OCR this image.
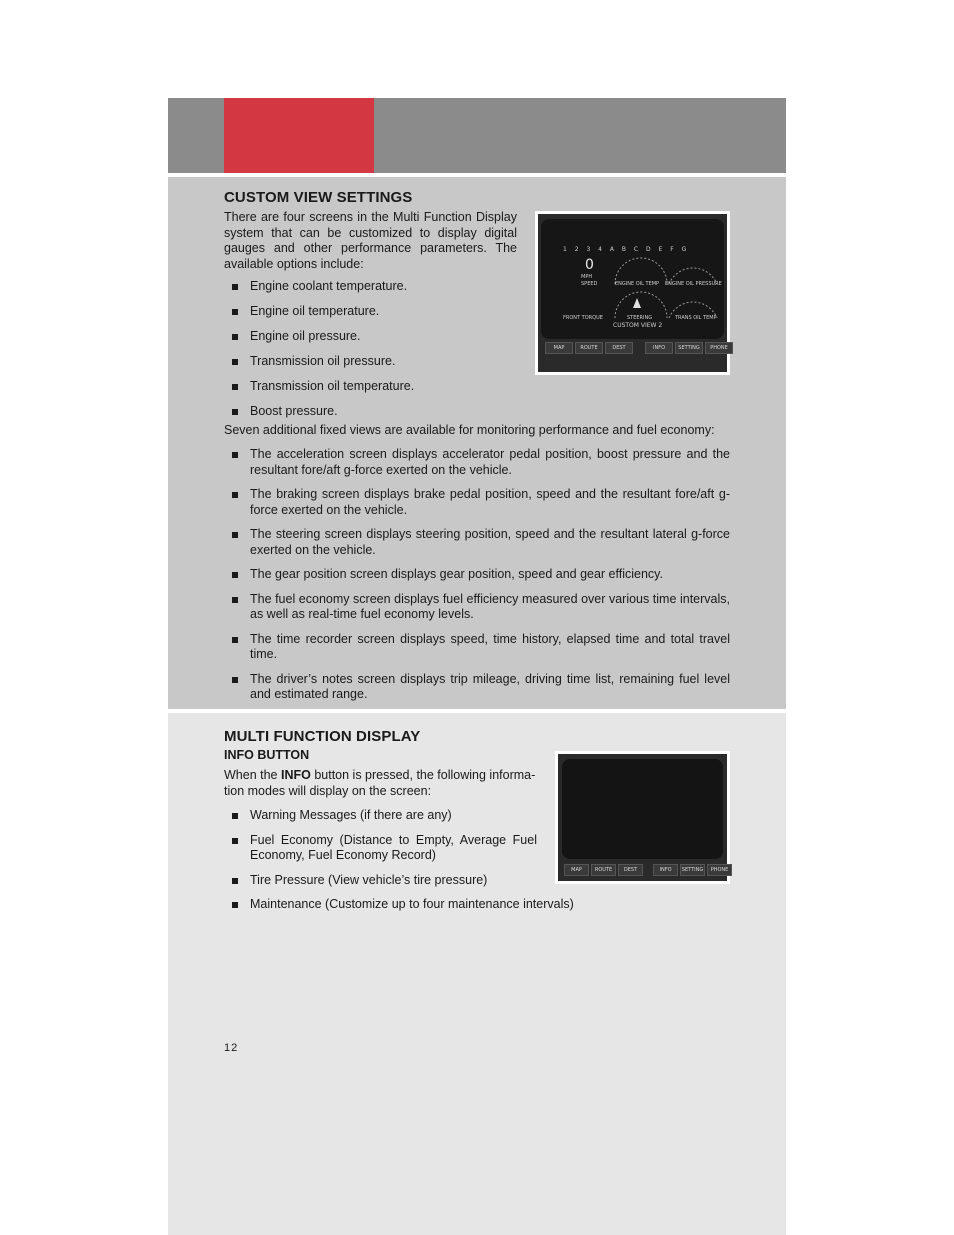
CUSTOM VIEW SETTINGS

There are four screens in the Multi Function Display system that can be customized to display digital gauges and other performance parameters. The available options include:

Engine coolant temperature.
Engine oil temperature.
Engine oil pressure.
Transmission oil pressure.
Transmission oil temperature.
Boost pressure.

Seven additional fixed views are available for monitoring performance and fuel economy:

The acceleration screen displays accelerator pedal position, boost pressure and the resultant fore/aft g-force exerted on the vehicle.
The braking screen displays brake pedal position, speed and the resultant fore/aft g-force exerted on the vehicle.
The steering screen displays steering position, speed and the resultant lateral g-force exerted on the vehicle.
The gear position screen displays gear position, speed and gear efficiency.
The fuel economy screen displays fuel efficiency measured over various time intervals, as well as real-time fuel economy levels.
The time recorder screen displays speed, time history, elapsed time and total travel time.
The driver’s notes screen displays trip mileage, driving time list, remaining fuel level and estimated range.
1 2 3 4 A B C D E F G
0
MPH
SPEED	ENGINE OIL TEMP ENGINE OIL PRESSURE
STEERING	TRANS OIL TEMP
FRONT TORQUE
CUSTOM VIEW 2
MAP	ROUTE	DEST	INFO	SETTING	PHONE
MULTI FUNCTION DISPLAY
INFO BUTTON

When the INFO button is pressed, the following informa-tion modes will display on the screen:

Warning Messages (if there are any)
Fuel Economy (Distance to Empty, Average Fuel Economy, Fuel Economy Record)
Tire Pressure (View vehicle’s tire pressure)
Maintenance (Customize up to four maintenance intervals)
MAP	ROUTE	DEST	INFO	SETTING	PHONE
12
